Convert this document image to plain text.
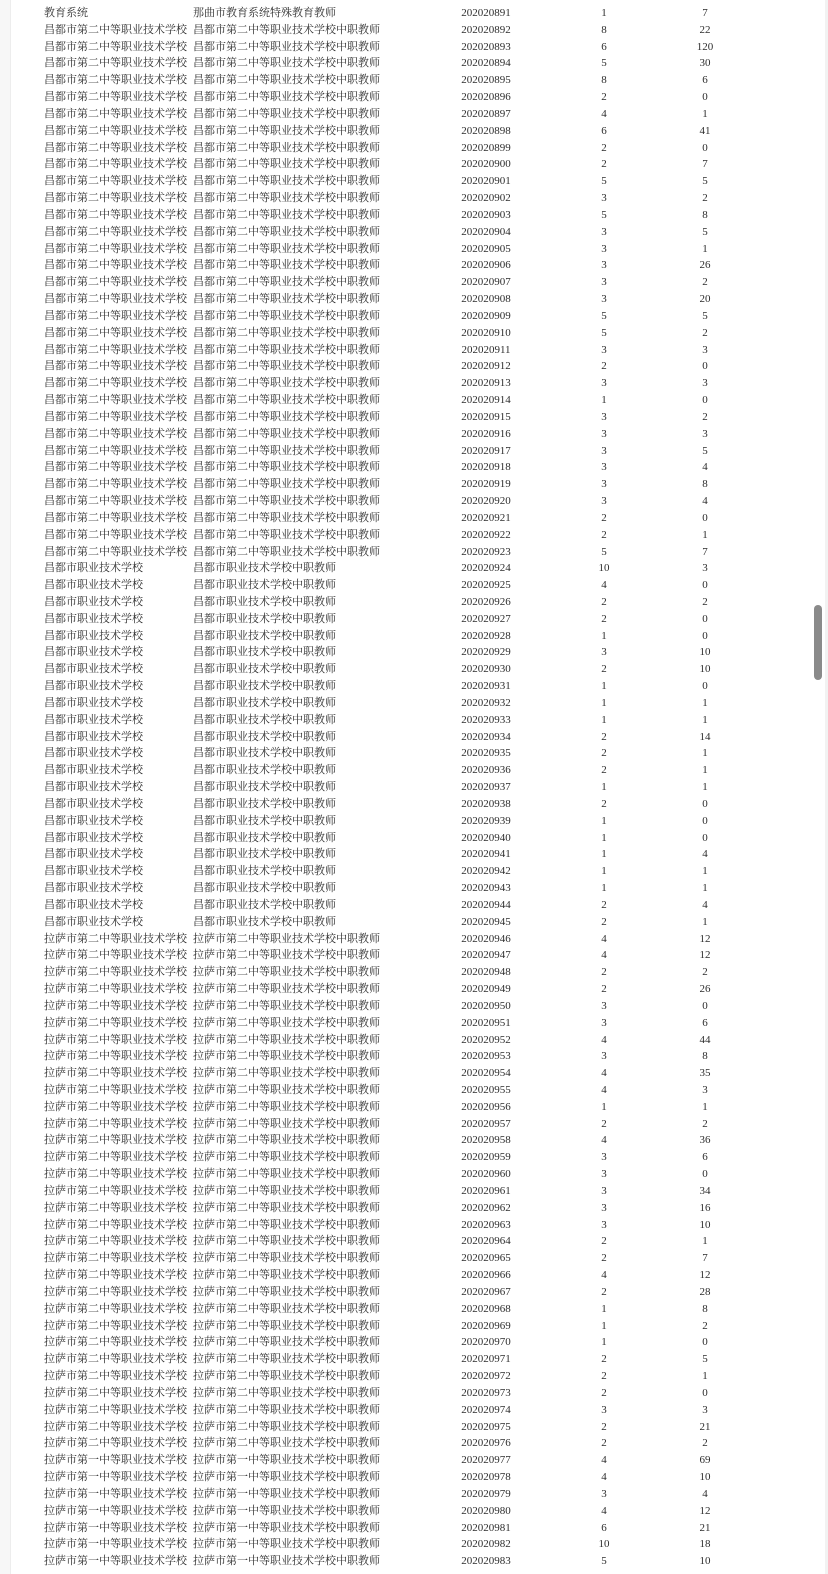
教育系统	那曲市教育系统特殊教育教师	202020891	1	7
昌都市第二中等职业技术学校 昌都市第二中等职业技术学校中职教师	202020892	8	22
昌都市第二中等职业技术学校 昌都市第二中等职业技术学校中职教师	202020893	6	120
昌都市第二中等职业技术学校 昌都市第二中等职业技术学校中职教师	202020894	5	30
昌都市第二中等职业技术学校 昌都市第二中等职业技术学校中职教师	202020895	8	6
昌都市第二中等职业技术学校 昌都市第二中等职业技术学校中职教师	202020896	2	0
昌都市第二中等职业技术学校 昌都市第二中等职业技术学校中职教师	202020897	4	1
昌都市第二中等职业技术学校 昌都市第二中等职业技术学校中职教师	202020898	6	41
昌都市第二中等职业技术学校 昌都市第二中等职业技术学校中职教师	202020899	2	0
昌都市第二中等职业技术学校 昌都市第二中等职业技术学校中职教师	202020900	2	7
昌都市第二中等职业技术学校 昌都市第二中等职业技术学校中职教师	202020901	5	5
昌都市第二中等职业技术学校 昌都市第二中等职业技术学校中职教师	202020902	3	2
昌都市第二中等职业技术学校 昌都市第二中等职业技术学校中职教师	202020903	5	8
昌都市第二中等职业技术学校 昌都市第二中等职业技术学校中职教师	202020904	3	5
昌都市第二中等职业技术学校 昌都市第二中等职业技术学校中职教师	202020905	3	1
昌都市第二中等职业技术学校 昌都市第二中等职业技术学校中职教师	202020906	3	26
昌都市第二中等职业技术学校 昌都市第二中等职业技术学校中职教师	202020907	3	2
昌都市第二中等职业技术学校 昌都市第二中等职业技术学校中职教师	202020908	3	20
昌都市第二中等职业技术学校 昌都市第二中等职业技术学校中职教师	202020909	5	5
昌都市第二中等职业技术学校 昌都市第二中等职业技术学校中职教师	202020910	5	2
昌都市第二中等职业技术学校 昌都市第二中等职业技术学校中职教师	202020911	3	3
昌都市第二中等职业技术学校 昌都市第二中等职业技术学校中职教师	202020912	2	0
昌都市第二中等职业技术学校 昌都市第二中等职业技术学校中职教师	202020913	3	3
昌都市第二中等职业技术学校 昌都市第二中等职业技术学校中职教师	202020914	1	0
昌都市第二中等职业技术学校 昌都市第二中等职业技术学校中职教师	202020915	3	2
昌都市第二中等职业技术学校 昌都市第二中等职业技术学校中职教师	202020916	3	3
昌都市第二中等职业技术学校 昌都市第二中等职业技术学校中职教师	202020917	3	5
昌都市第二中等职业技术学校 昌都市第二中等职业技术学校中职教师	202020918	3	4
昌都市第二中等职业技术学校 昌都市第二中等职业技术学校中职教师	202020919	3	8
昌都市第二中等职业技术学校 昌都市第二中等职业技术学校中职教师	202020920	3	4
昌都市第二中等职业技术学校 昌都市第二中等职业技术学校中职教师	202020921	2	0
昌都市第二中等职业技术学校 昌都市第二中等职业技术学校中职教师	202020922	2	1
昌都市第二中等职业技术学校 昌都市第二中等职业技术学校中职教师	202020923	5	7
昌都市职业技术学校	昌都市职业技术学校中职教师	202020924	10	3
昌都市职业技术学校	昌都市职业技术学校中职教师	202020925	4	0
昌都市职业技术学校	昌都市职业技术学校中职教师	202020926	2	2
昌都市职业技术学校	昌都市职业技术学校中职教师	202020927	2	0
昌都市职业技术学校	昌都市职业技术学校中职教师	202020928	1	0
昌都市职业技术学校	昌都市职业技术学校中职教师	202020929	3	10
昌都市职业技术学校	昌都市职业技术学校中职教师	202020930	2	10
昌都市职业技术学校	昌都市职业技术学校中职教师	202020931	1	0
昌都市职业技术学校	昌都市职业技术学校中职教师	202020932	1	1
昌都市职业技术学校	昌都市职业技术学校中职教师	202020933	1	1
昌都市职业技术学校	昌都市职业技术学校中职教师	202020934	2	14
昌都市职业技术学校	昌都市职业技术学校中职教师	202020935	2	1
昌都市职业技术学校	昌都市职业技术学校中职教师	202020936	2	1
昌都市职业技术学校	昌都市职业技术学校中职教师	202020937	1	1
昌都市职业技术学校	昌都市职业技术学校中职教师	202020938	2	0
昌都市职业技术学校	昌都市职业技术学校中职教师	202020939	1	0
昌都市职业技术学校	昌都市职业技术学校中职教师	202020940	1	0
昌都市职业技术学校	昌都市职业技术学校中职教师	202020941	1	4
昌都市职业技术学校	昌都市职业技术学校中职教师	202020942	1	1
昌都市职业技术学校	昌都市职业技术学校中职教师	202020943	1	1
昌都市职业技术学校	昌都市职业技术学校中职教师	202020944	2	4
昌都市职业技术学校	昌都市职业技术学校中职教师	202020945	2	1
拉萨市第二中等职业技术学校 拉萨市第二中等职业技术学校中职教师	202020946	4	12
拉萨市第二中等职业技术学校 拉萨市第二中等职业技术学校中职教师	202020947	4	12
拉萨市第二中等职业技术学校 拉萨市第二中等职业技术学校中职教师	202020948	2	2
拉萨市第二中等职业技术学校 拉萨市第二中等职业技术学校中职教师	202020949	2	26
拉萨市第二中等职业技术学校 拉萨市第二中等职业技术学校中职教师	202020950	3	0
拉萨市第二中等职业技术学校 拉萨市第二中等职业技术学校中职教师	202020951	3	6
拉萨市第二中等职业技术学校 拉萨市第二中等职业技术学校中职教师	202020952	4	44
拉萨市第二中等职业技术学校 拉萨市第二中等职业技术学校中职教师	202020953	3	8
拉萨市第二中等职业技术学校 拉萨市第二中等职业技术学校中职教师	202020954	4	35
拉萨市第二中等职业技术学校 拉萨市第二中等职业技术学校中职教师	202020955	4	3
拉萨市第二中等职业技术学校 拉萨市第二中等职业技术学校中职教师	202020956	1	1
拉萨市第二中等职业技术学校 拉萨市第二中等职业技术学校中职教师	202020957	2	2
拉萨市第二中等职业技术学校 拉萨市第二中等职业技术学校中职教师	202020958	4	36
拉萨市第二中等职业技术学校 拉萨市第二中等职业技术学校中职教师	202020959	3	6
拉萨市第二中等职业技术学校 拉萨市第二中等职业技术学校中职教师	202020960	3	0
拉萨市第二中等职业技术学校 拉萨市第二中等职业技术学校中职教师	202020961	3	34
拉萨市第二中等职业技术学校 拉萨市第二中等职业技术学校中职教师	202020962	3	16
拉萨市第二中等职业技术学校 拉萨市第二中等职业技术学校中职教师	202020963	3	10
拉萨市第二中等职业技术学校 拉萨市第二中等职业技术学校中职教师	202020964	2	1
拉萨市第二中等职业技术学校 拉萨市第二中等职业技术学校中职教师	202020965	2	7
拉萨市第二中等职业技术学校 拉萨市第二中等职业技术学校中职教师	202020966	4	12
拉萨市第二中等职业技术学校 拉萨市第二中等职业技术学校中职教师	202020967	2	28
拉萨市第二中等职业技术学校 拉萨市第二中等职业技术学校中职教师	202020968	1	8
拉萨市第二中等职业技术学校 拉萨市第二中等职业技术学校中职教师	202020969	1	2
拉萨市第二中等职业技术学校 拉萨市第二中等职业技术学校中职教师	202020970	1	0
拉萨市第二中等职业技术学校 拉萨市第二中等职业技术学校中职教师	202020971	2	5
拉萨市第二中等职业技术学校 拉萨市第二中等职业技术学校中职教师	202020972	2	1
拉萨市第二中等职业技术学校 拉萨市第二中等职业技术学校中职教师	202020973	2	0
拉萨市第二中等职业技术学校 拉萨市第二中等职业技术学校中职教师	202020974	3	3
拉萨市第二中等职业技术学校 拉萨市第二中等职业技术学校中职教师	202020975	2	21
拉萨市第二中等职业技术学校 拉萨市第二中等职业技术学校中职教师	202020976	2	2
拉萨市第一中等职业技术学校 拉萨市第一中等职业技术学校中职教师	202020977	4	69
拉萨市第一中等职业技术学校 拉萨市第一中等职业技术学校中职教师	202020978	4	10
拉萨市第一中等职业技术学校 拉萨市第一中等职业技术学校中职教师	202020979	3	4
拉萨市第一中等职业技术学校 拉萨市第一中等职业技术学校中职教师	202020980	4	12
拉萨市第一中等职业技术学校 拉萨市第一中等职业技术学校中职教师	202020981	6	21
拉萨市第一中等职业技术学校 拉萨市第一中等职业技术学校中职教师	202020982	10	18
拉萨市第一中等职业技术学校 拉萨市第一中等职业技术学校中职教师	202020983	5	10
